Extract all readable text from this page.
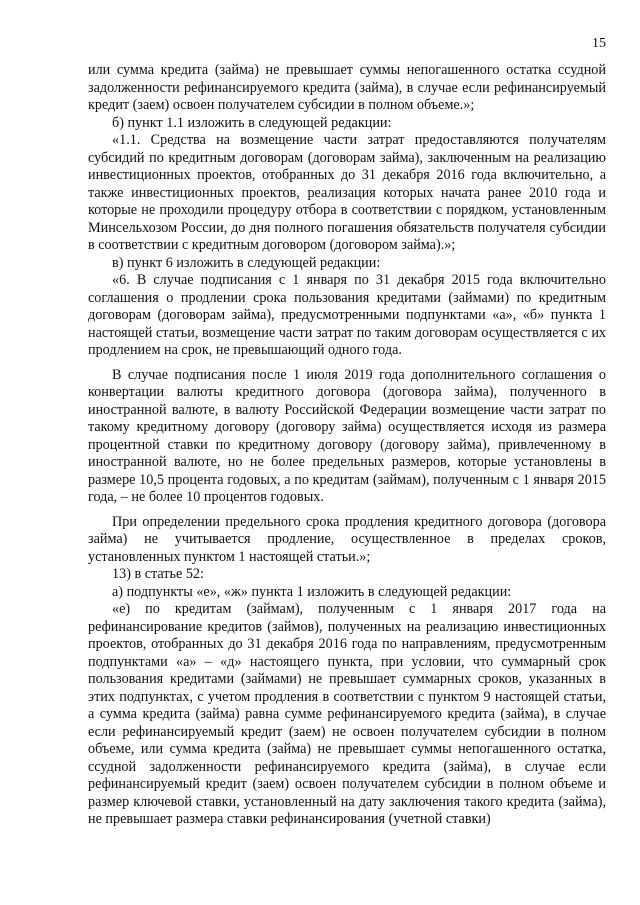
15

или сумма кредита (займа) не превышает суммы непогашенного остатка ссудной задолженности рефинансируемого кредита (займа), в случае если рефинансируемый кредит (заем) освоен получателем субсидии в полном объеме.»;

б) пункт 1.1 изложить в следующей редакции:

«1.1. Средства на возмещение части затрат предоставляются получателям субсидий по кредитным договорам (договорам займа), заключенным на реализацию инвестиционных проектов, отобранных до 31 декабря 2016 года включительно, а также инвестиционных проектов, реализация которых начата ранее 2010 года и которые не проходили процедуру отбора в соответствии с порядком, установленным Минсельхозом России, до дня полного погашения обязательств получателя субсидии в соответствии с кредитным договором (договором займа).»;

в) пункт 6 изложить в следующей редакции:

«6. В случае подписания с 1 января по 31 декабря 2015 года включительно соглашения о продлении срока пользования кредитами (займами) по кредитным договорам (договорам займа), предусмотренными подпунктами «а», «б» пункта 1 настоящей статьи, возмещение части затрат по таким договорам осуществляется с их продлением на срок, не превышающий одного года.

В случае подписания после 1 июля 2019 года дополнительного соглашения о конвертации валюты кредитного договора (договора займа), полученного в иностранной валюте, в валюту Российской Федерации возмещение части затрат по такому кредитному договору (договору займа) осуществляется исходя из размера процентной ставки по кредитному договору (договору займа), привлеченному в иностранной валюте, но не более предельных размеров, которые установлены в размере 10,5 процента годовых, а по кредитам (займам), полученным с 1 января 2015 года, – не более 10 процентов годовых.

При определении предельного срока продления кредитного договора (договора займа) не учитывается продление, осуществленное в пределах сроков, установленных пунктом 1 настоящей статьи.»;

13) в статье 52:

а) подпункты «е», «ж» пункта 1 изложить в следующей редакции:

«е) по кредитам (займам), полученным с 1 января 2017 года на рефинансирование кредитов (займов), полученных на реализацию инвестиционных проектов, отобранных до 31 декабря 2016 года по направлениям, предусмотренным подпунктами «а» – «д» настоящего пункта, при условии, что суммарный срок пользования кредитами (займами) не превышает суммарных сроков, указанных в этих подпунктах, с учетом продления в соответствии с пунктом 9 настоящей статьи, а сумма кредита (займа) равна сумме рефинансируемого кредита (займа), в случае если рефинансируемый кредит (заем) не освоен получателем субсидии в полном объеме, или сумма кредита (займа) не превышает суммы непогашенного остатка, ссудной задолженности рефинансируемого кредита (займа), в случае если рефинансируемый кредит (заем) освоен получателем субсидии в полном объеме и размер ключевой ставки, установленный на дату заключения такого кредита (займа), не превышает размера ставки рефинансирования (учетной ставки)
